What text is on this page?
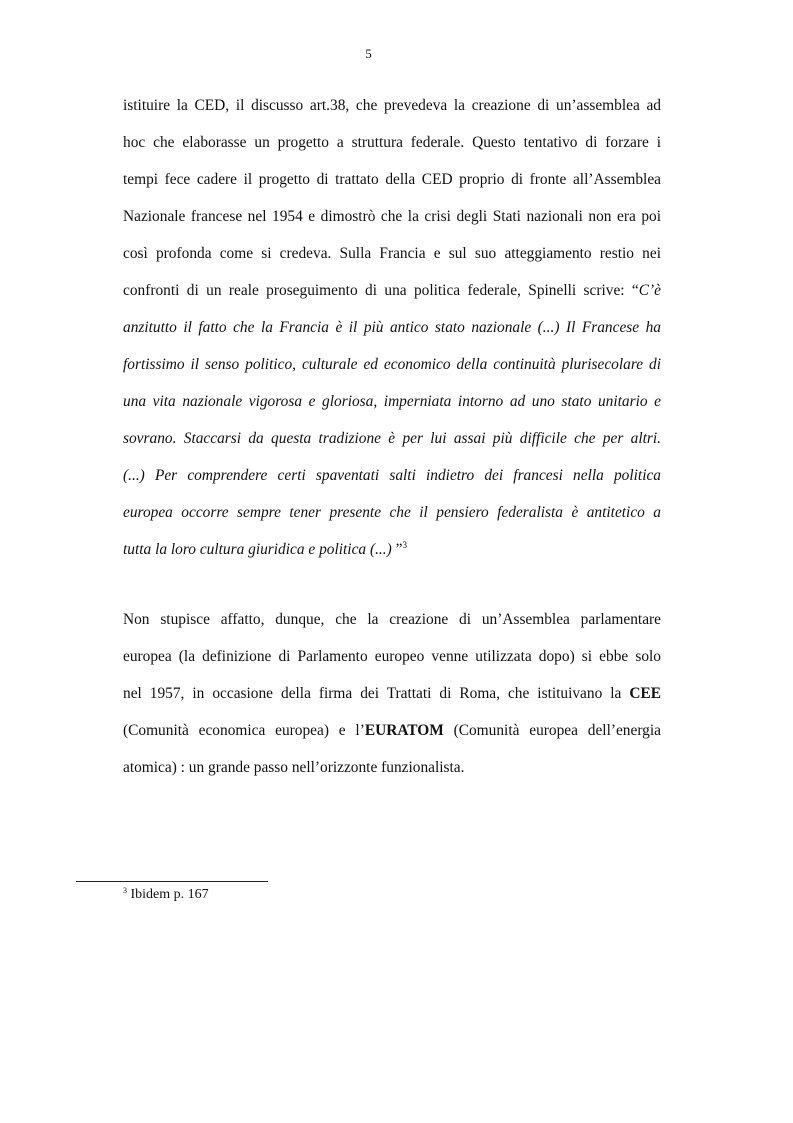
5
istituire la CED, il discusso art.38, che prevedeva la creazione di un’assemblea ad
hoc che elaborasse un progetto a struttura federale. Questo tentativo di forzare i
tempi fece cadere il progetto di trattato della CED proprio di fronte all’Assemblea
Nazionale francese nel 1954 e dimostrò che la crisi degli Stati nazionali non era poi
così profonda come si credeva. Sulla Francia e sul suo atteggiamento restio nei
confronti di un reale proseguimento di una politica federale, Spinelli scrive: “C’è
anzitutto il fatto che la Francia è il più antico stato nazionale (...) Il Francese ha
fortissimo il senso politico, culturale ed economico della continuità plurisecolare di
una vita nazionale vigorosa e gloriosa, imperniata intorno ad uno stato unitario e
sovrano. Staccarsi da questa tradizione è per lui assai più difficile che per altri.
(...) Per comprendere certi spaventati salti indietro dei francesi nella politica
europea occorre sempre tener presente che il pensiero federalista è antitetico a
tutta la loro cultura giuridica e politica (...) ”$^3$
Non stupisce affatto, dunque, che la creazione di un’Assemblea parlamentare
europea (la definizione di Parlamento europeo venne utilizzata dopo) si ebbe solo
nel 1957, in occasione della firma dei Trattati di Roma, che istituivano la CEE
(Comunità economica europea) e l’EURATOM (Comunità europea dell’energia
atomica) : un grande passo nell’orizzonte funzionalista.
$^3$ Ibidem p. 167
